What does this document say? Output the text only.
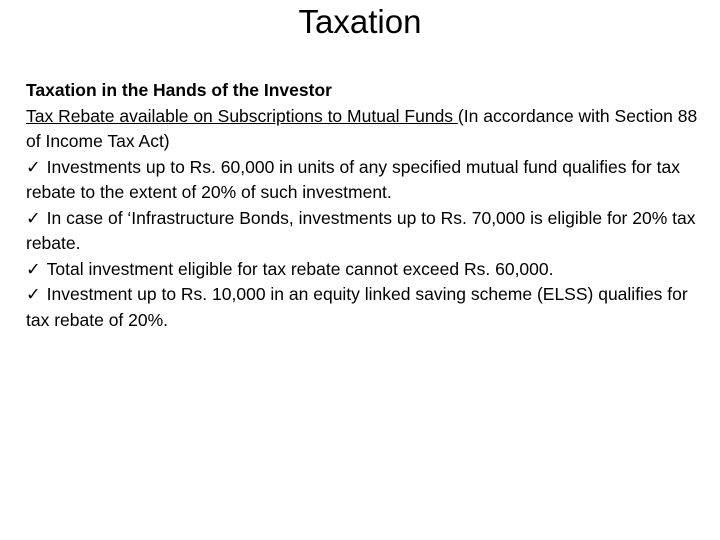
Taxation
Taxation in the Hands of the Investor
Tax Rebate available on Subscriptions to Mutual Funds (In accordance with Section 88 of Income Tax Act)
✓ Investments up to Rs. 60,000 in units of any specified mutual fund qualifies for tax rebate to the extent of 20% of such investment.
✓ In case of ‘Infrastructure Bonds, investments up to Rs. 70,000 is eligible for 20% tax rebate.
✓ Total investment eligible for tax rebate cannot exceed Rs. 60,000.
✓ Investment up to Rs. 10,000 in an equity linked saving scheme (ELSS) qualifies for tax rebate of 20%.
